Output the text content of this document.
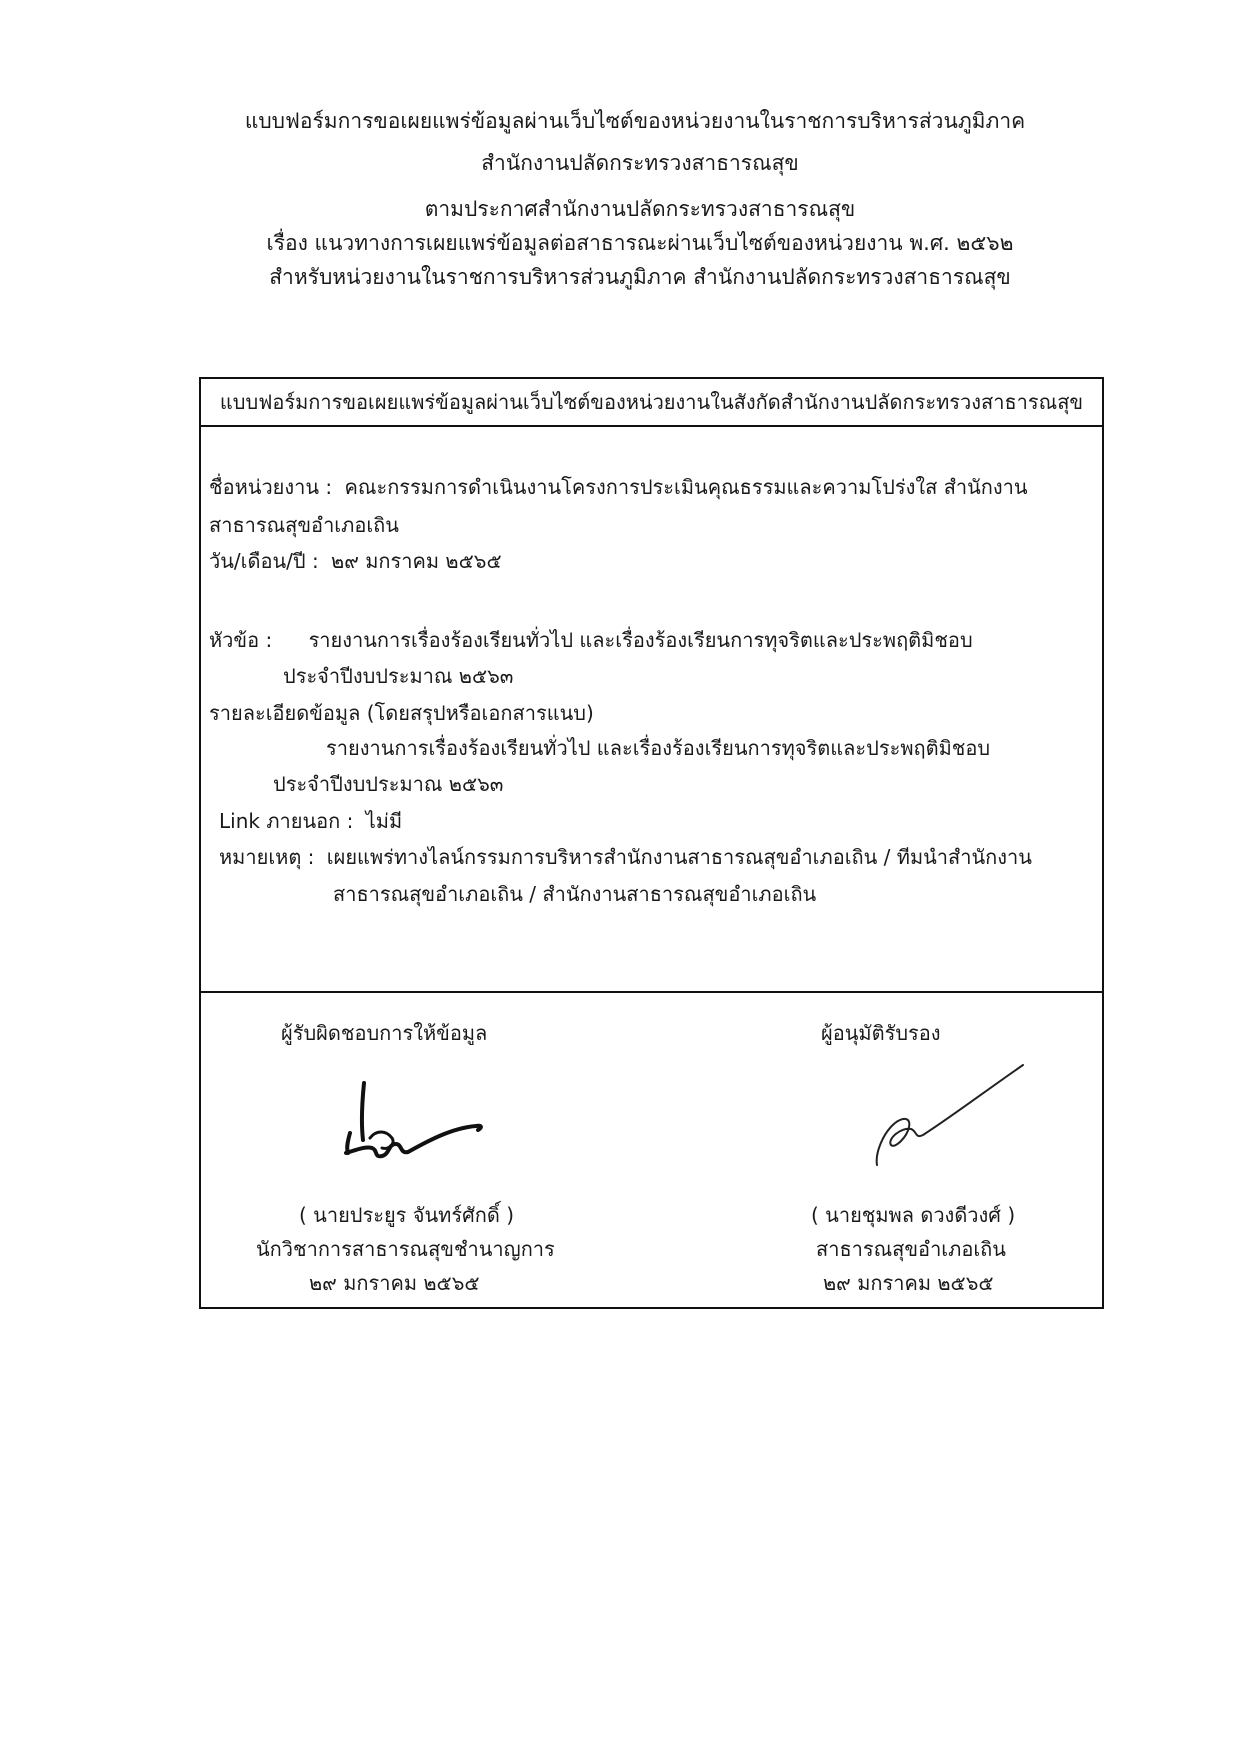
แบบฟอร์มการขอเผยแพร่ข้อมูลผ่านเว็บไซต์ของหน่วยงานในราชการบริหารส่วนภูมิภาค
สำนักงานปลัดกระทรวงสาธารณสุข
ตามประกาศสำนักงานปลัดกระทรวงสาธารณสุข
เรื่อง แนวทางการเผยแพร่ข้อมูลต่อสาธารณะผ่านเว็บไซต์ของหน่วยงาน พ.ศ. ๒๕๖๒
สำหรับหน่วยงานในราชการบริหารส่วนภูมิภาค สำนักงานปลัดกระทรวงสาธารณสุข
แบบฟอร์มการขอเผยแพร่ข้อมูลผ่านเว็บไซต์ของหน่วยงานในสังกัดสำนักงานปลัดกระทรวงสาธารณสุข
ชื่อหน่วยงาน : คณะกรรมการดำเนินงานโครงการประเมินคุณธรรมและความโปร่งใส สำนักงาน
สาธารณสุขอำเภอเถิน
วัน/เดือน/ปี : ๒๙ มกราคม ๒๕๖๕
หัวข้อ : รายงานการเรื่องร้องเรียนทั่วไป และเรื่องร้องเรียนการทุจริตและประพฤติมิชอบ
ประจำปีงบประมาณ ๒๕๖๓
รายละเอียดข้อมูล (โดยสรุปหรือเอกสารแนบ)
รายงานการเรื่องร้องเรียนทั่วไป และเรื่องร้องเรียนการทุจริตและประพฤติมิชอบ
ประจำปีงบประมาณ ๒๕๖๓
Link ภายนอก : ไม่มี
หมายเหตุ : เผยแพร่ทางไลน์กรรมการบริหารสำนักงานสาธารณสุขอำเภอเถิน / ทีมนำสำนักงาน
สาธารณสุขอำเภอเถิน / สำนักงานสาธารณสุขอำเภอเถิน
ผู้รับผิดชอบการให้ข้อมูล
( นายประยูร จันทร์ศักดิ์ )
นักวิชาการสาธารณสุขชำนาญการ
๒๙ มกราคม ๒๕๖๕
ผู้อนุมัติรับรอง
( นายชุมพล ดวงดีวงศ์ )
สาธารณสุขอำเภอเถิน
๒๙ มกราคม ๒๕๖๕
